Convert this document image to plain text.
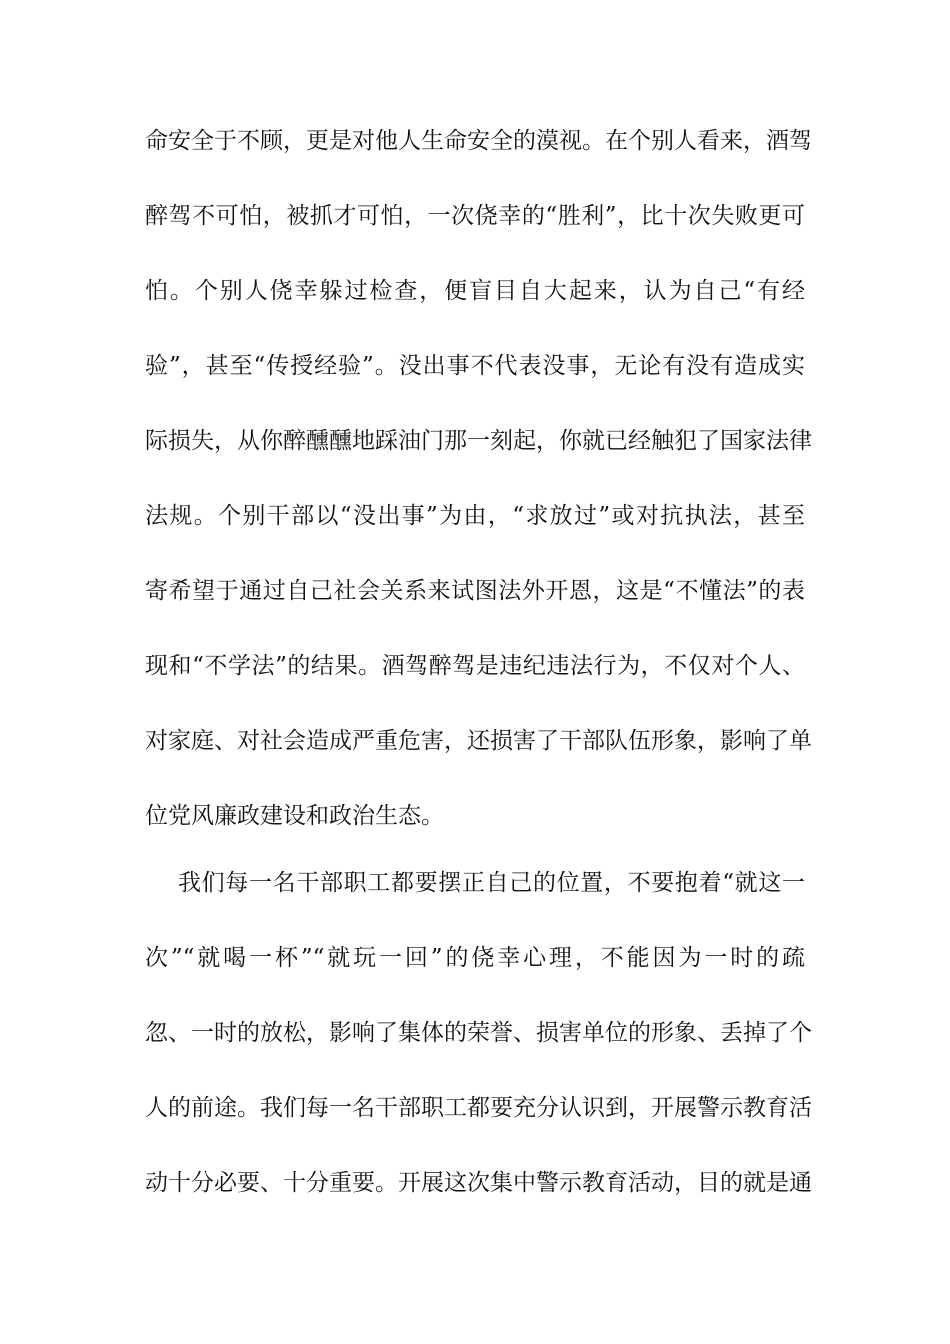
命安全于不顾，更是对他人生命安全的漠视。在个别人看来，酒驾
醉驾不可怕，被抓才可怕，一次侥幸的“胜利”，比十次失败更可
怕。个别人侥幸躲过检查，便盲目自大起来，认为自己“有经
验”，甚至“传授经验”。没出事不代表没事，无论有没有造成实
际损失，从你醉醺醺地踩油门那一刻起，你就已经触犯了国家法律
法规。个别干部以“没出事”为由，“求放过”或对抗执法，甚至
寄希望于通过自己社会关系来试图法外开恩，这是“不懂法”的表
现和“不学法”的结果。酒驾醉驾是违纪违法行为，不仅对个人、
对家庭、对社会造成严重危害，还损害了干部队伍形象，影响了单
位党风廉政建设和政治生态。
我们每一名干部职工都要摆正自己的位置，不要抱着“就这一
次”“就喝一杯”“就玩一回”的侥幸心理，不能因为一时的疏
忽、一时的放松，影响了集体的荣誉、损害单位的形象、丢掉了个
人的前途。我们每一名干部职工都要充分认识到，开展警示教育活
动十分必要、十分重要。开展这次集中警示教育活动，目的就是通
